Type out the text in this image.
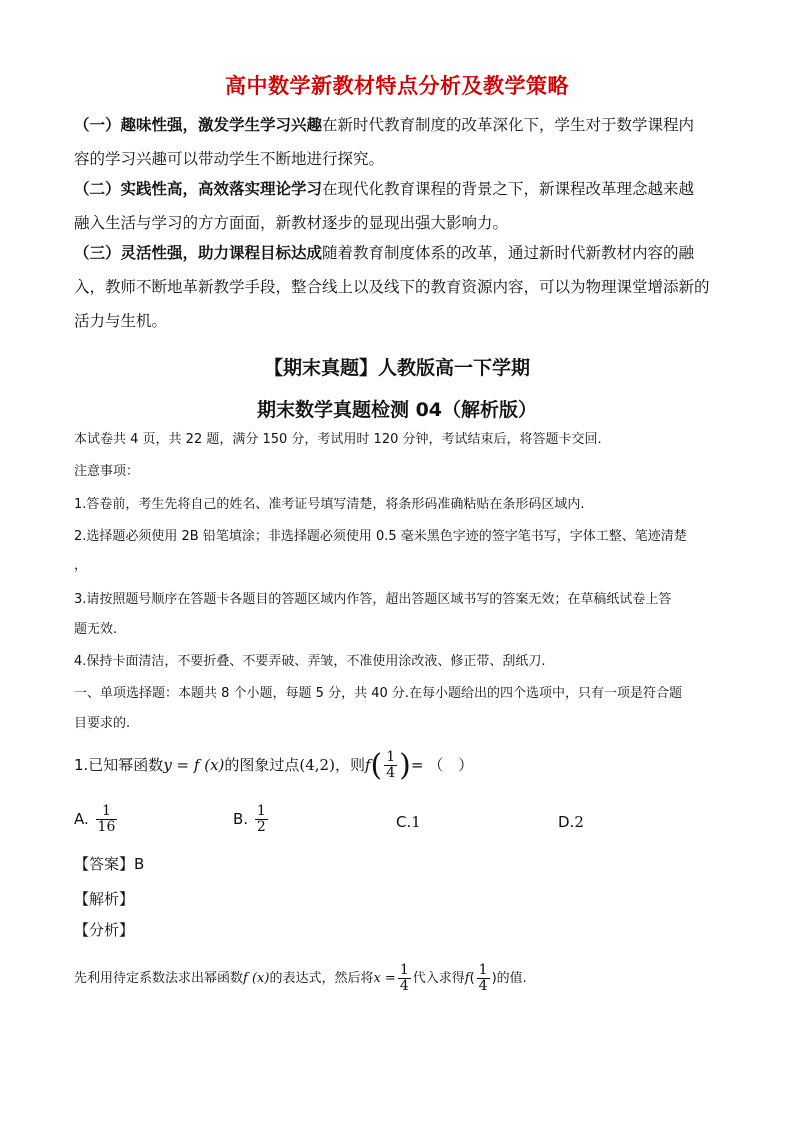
高中数学新教材特点分析及教学策略
（一）趣味性强，激发学生学习兴趣在新时代教育制度的改革深化下，学生对于数学课程内
容的学习兴趣可以带动学生不断地进行探究。
（二）实践性高，高效落实理论学习在现代化教育课程的背景之下，新课程改革理念越来越
融入生活与学习的方方面面，新教材逐步的显现出强大影响力。
（三）灵活性强，助力课程目标达成随着教育制度体系的改革，通过新时代新教材内容的融
入，教师不断地革新教学手段，整合线上以及线下的教育资源内容，可以为物理课堂增添新的
活力与生机。
【期末真题】人教版高一下学期
期末数学真题检测 04（解析版）
本试卷共 4 页，共 22 题，满分 150 分，考试用时 120 分钟，考试结束后，将答题卡交回.
注意事项：
1.答卷前，考生先将自己的姓名、准考证号填写清楚，将条形码准确粘贴在条形码区域内.
2.选择题必须使用 2B 铅笔填涂；非选择题必须使用 0.5 毫米黑色字迹的签字笔书写，字体工整、笔迹清楚
，
3.请按照题号顺序在答题卡各题目的答题区域内作答，超出答题区域书写的答案无效；在草稿纸试卷上答
题无效.
4.保持卡面清洁，不要折叠、不要弄破、弄皱，不准使用涂改液、修正带、刮纸刀.
一、单项选择题：本题共 8 个小题，每题 5 分，共 40 分.在每小题给出的四个选项中，只有一项是符合题
目要求的.
1.已知幂函数y = f (x)的图象过点(4,2)，则$f( \frac{1}{4}$ )= （　）
A. $\frac{1}{16}$	B. $\frac{1}{2}$	C.1	D.2
【答案】B
【解析】
【分析】
先利用待定系数法求出幂函数f (x)的表达式，然后将$x = \frac{1}{4}$ 代入求得$f( \frac{1}{4}$ )的值.
